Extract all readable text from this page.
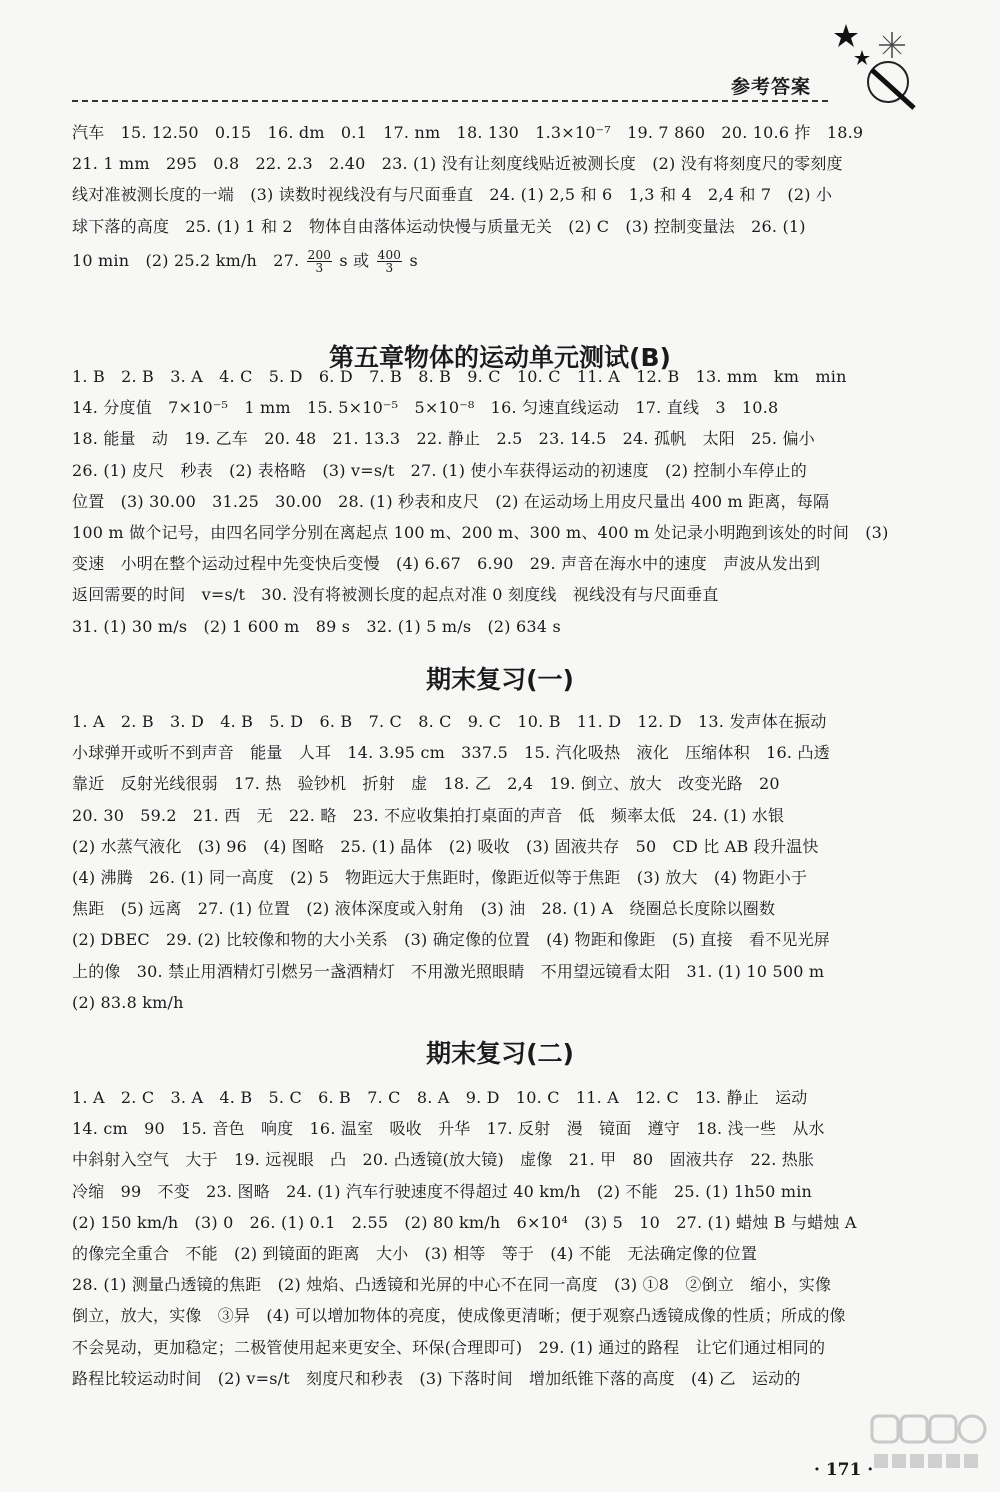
参考答案
汽车　15. 12.50　0.15　16. dm　0.1　17. nm　18. 130　1.3×10⁻⁷　19. 7 860　20. 10.6 拃　18.9
21. 1 mm　295　0.8　22. 2.3　2.40　23. (1) 没有让刻度线贴近被测长度　(2) 没有将刻度尺的零刻度
线对准被测长度的一端　(3) 读数时视线没有与尺面垂直　24. (1) 2,5 和 6　1,3 和 4　2,4 和 7　(2) 小
球下落的高度　25. (1) 1 和 2　物体自由落体运动快慢与质量无关　(2) C　(3) 控制变量法　26. (1)
10 min　(2) 25.2 km/h　27. $\frac{200}{3}$ s 或 $\frac{400}{3}$ s
第五章物体的运动单元测试(B)
1. B　2. B　3. A　4. C　5. D　6. D　7. B　8. B　9. C　10. C　11. A　12. B　13. mm　km　min
14. 分度值　7×10⁻⁵　1 mm　15. 5×10⁻⁵　5×10⁻⁸　16. 匀速直线运动　17. 直线　3　10.8
18. 能量　动　19. 乙车　20. 48　21. 13.3　22. 静止　2.5　23. 14.5　24. 孤帆　太阳　25. 偏小
26. (1) 皮尺　秒表　(2) 表格略　(3) v=s/t　27. (1) 使小车获得运动的初速度　(2) 控制小车停止的
位置　(3) 30.00　31.25　30.00　28. (1) 秒表和皮尺　(2) 在运动场上用皮尺量出 400 m 距离，每隔
100 m 做个记号，由四名同学分别在离起点 100 m、200 m、300 m、400 m 处记录小明跑到该处的时间　(3)
变速　小明在整个运动过程中先变快后变慢　(4) 6.67　6.90　29. 声音在海水中的速度　声波从发出到
返回需要的时间　v=s/t　30. 没有将被测长度的起点对准 0 刻度线　视线没有与尺面垂直
31. (1) 30 m/s　(2) 1 600 m　89 s　32. (1) 5 m/s　(2) 634 s
期末复习(一)
1. A　2. B　3. D　4. B　5. D　6. B　7. C　8. C　9. C　10. B　11. D　12. D　13. 发声体在振动
小球弹开或听不到声音　能量　人耳　14. 3.95 cm　337.5　15. 汽化吸热　液化　压缩体积　16. 凸透
靠近　反射光线很弱　17. 热　验钞机　折射　虚　18. 乙　2,4　19. 倒立、放大　改变光路　20
20. 30　59.2　21. 西　无　22. 略　23. 不应收集拍打桌面的声音　低　频率太低　24. (1) 水银
(2) 水蒸气液化　(3) 96　(4) 图略　25. (1) 晶体　(2) 吸收　(3) 固液共存　50　CD 比 AB 段升温快
(4) 沸腾　26. (1) 同一高度　(2) 5　物距远大于焦距时，像距近似等于焦距　(3) 放大　(4) 物距小于
焦距　(5) 远离　27. (1) 位置　(2) 液体深度或入射角　(3) 油　28. (1) A　绕圈总长度除以圈数
(2) DBEC　29. (2) 比较像和物的大小关系　(3) 确定像的位置　(4) 物距和像距　(5) 直接　看不见光屏
上的像　30. 禁止用酒精灯引燃另一盏酒精灯　不用激光照眼睛　不用望远镜看太阳　31. (1) 10 500 m
(2) 83.8 km/h
期末复习(二)
1. A　2. C　3. A　4. B　5. C　6. B　7. C　8. A　9. D　10. C　11. A　12. C　13. 静止　运动
14. cm　90　15. 音色　响度　16. 温室　吸收　升华　17. 反射　漫　镜面　遵守　18. 浅一些　从水
中斜射入空气　大于　19. 远视眼　凸　20. 凸透镜(放大镜)　虚像　21. 甲　80　固液共存　22. 热胀
冷缩　99　不变　23. 图略　24. (1) 汽车行驶速度不得超过 40 km/h　(2) 不能　25. (1) 1h50 min
(2) 150 km/h　(3) 0　26. (1) 0.1　2.55　(2) 80 km/h　6×10⁴　(3) 5　10　27. (1) 蜡烛 B 与蜡烛 A
的像完全重合　不能　(2) 到镜面的距离　大小　(3) 相等　等于　(4) 不能　无法确定像的位置
28. (1) 测量凸透镜的焦距　(2) 烛焰、凸透镜和光屏的中心不在同一高度　(3) ①8　②倒立　缩小，实像
倒立，放大，实像　③异　(4) 可以增加物体的亮度，使成像更清晰；便于观察凸透镜成像的性质；所成的像
不会晃动，更加稳定；二极管使用起来更安全、环保(合理即可)　29. (1) 通过的路程　让它们通过相同的
路程比较运动时间　(2) v=s/t　刻度尺和秒表　(3) 下落时间　增加纸锥下落的高度　(4) 乙　运动的
· 171 ·
